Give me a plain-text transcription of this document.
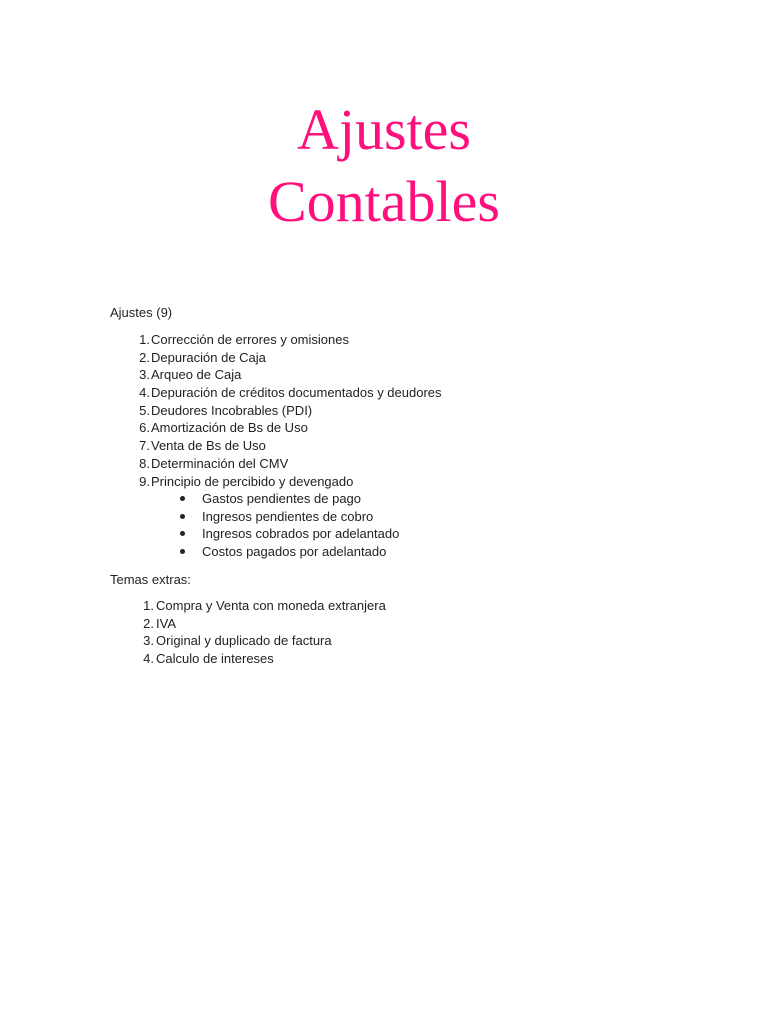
Ajustes
Contables

Ajustes (9)

1. Corrección de errores y omisiones
2. Depuración de Caja
3. Arqueo de Caja
4. Depuración de créditos documentados y deudores
5. Deudores Incobrables (PDI)
6. Amortización de Bs de Uso
7. Venta de Bs de Uso
8. Determinación del CMV
9. Principio de percibido y devengado
Gastos pendientes de pago
Ingresos pendientes de cobro
Ingresos cobrados por adelantado
Costos pagados por adelantado

Temas extras:

1. Compra y Venta con moneda extranjera
2. IVA
3. Original y duplicado de factura
4. Calculo de intereses
